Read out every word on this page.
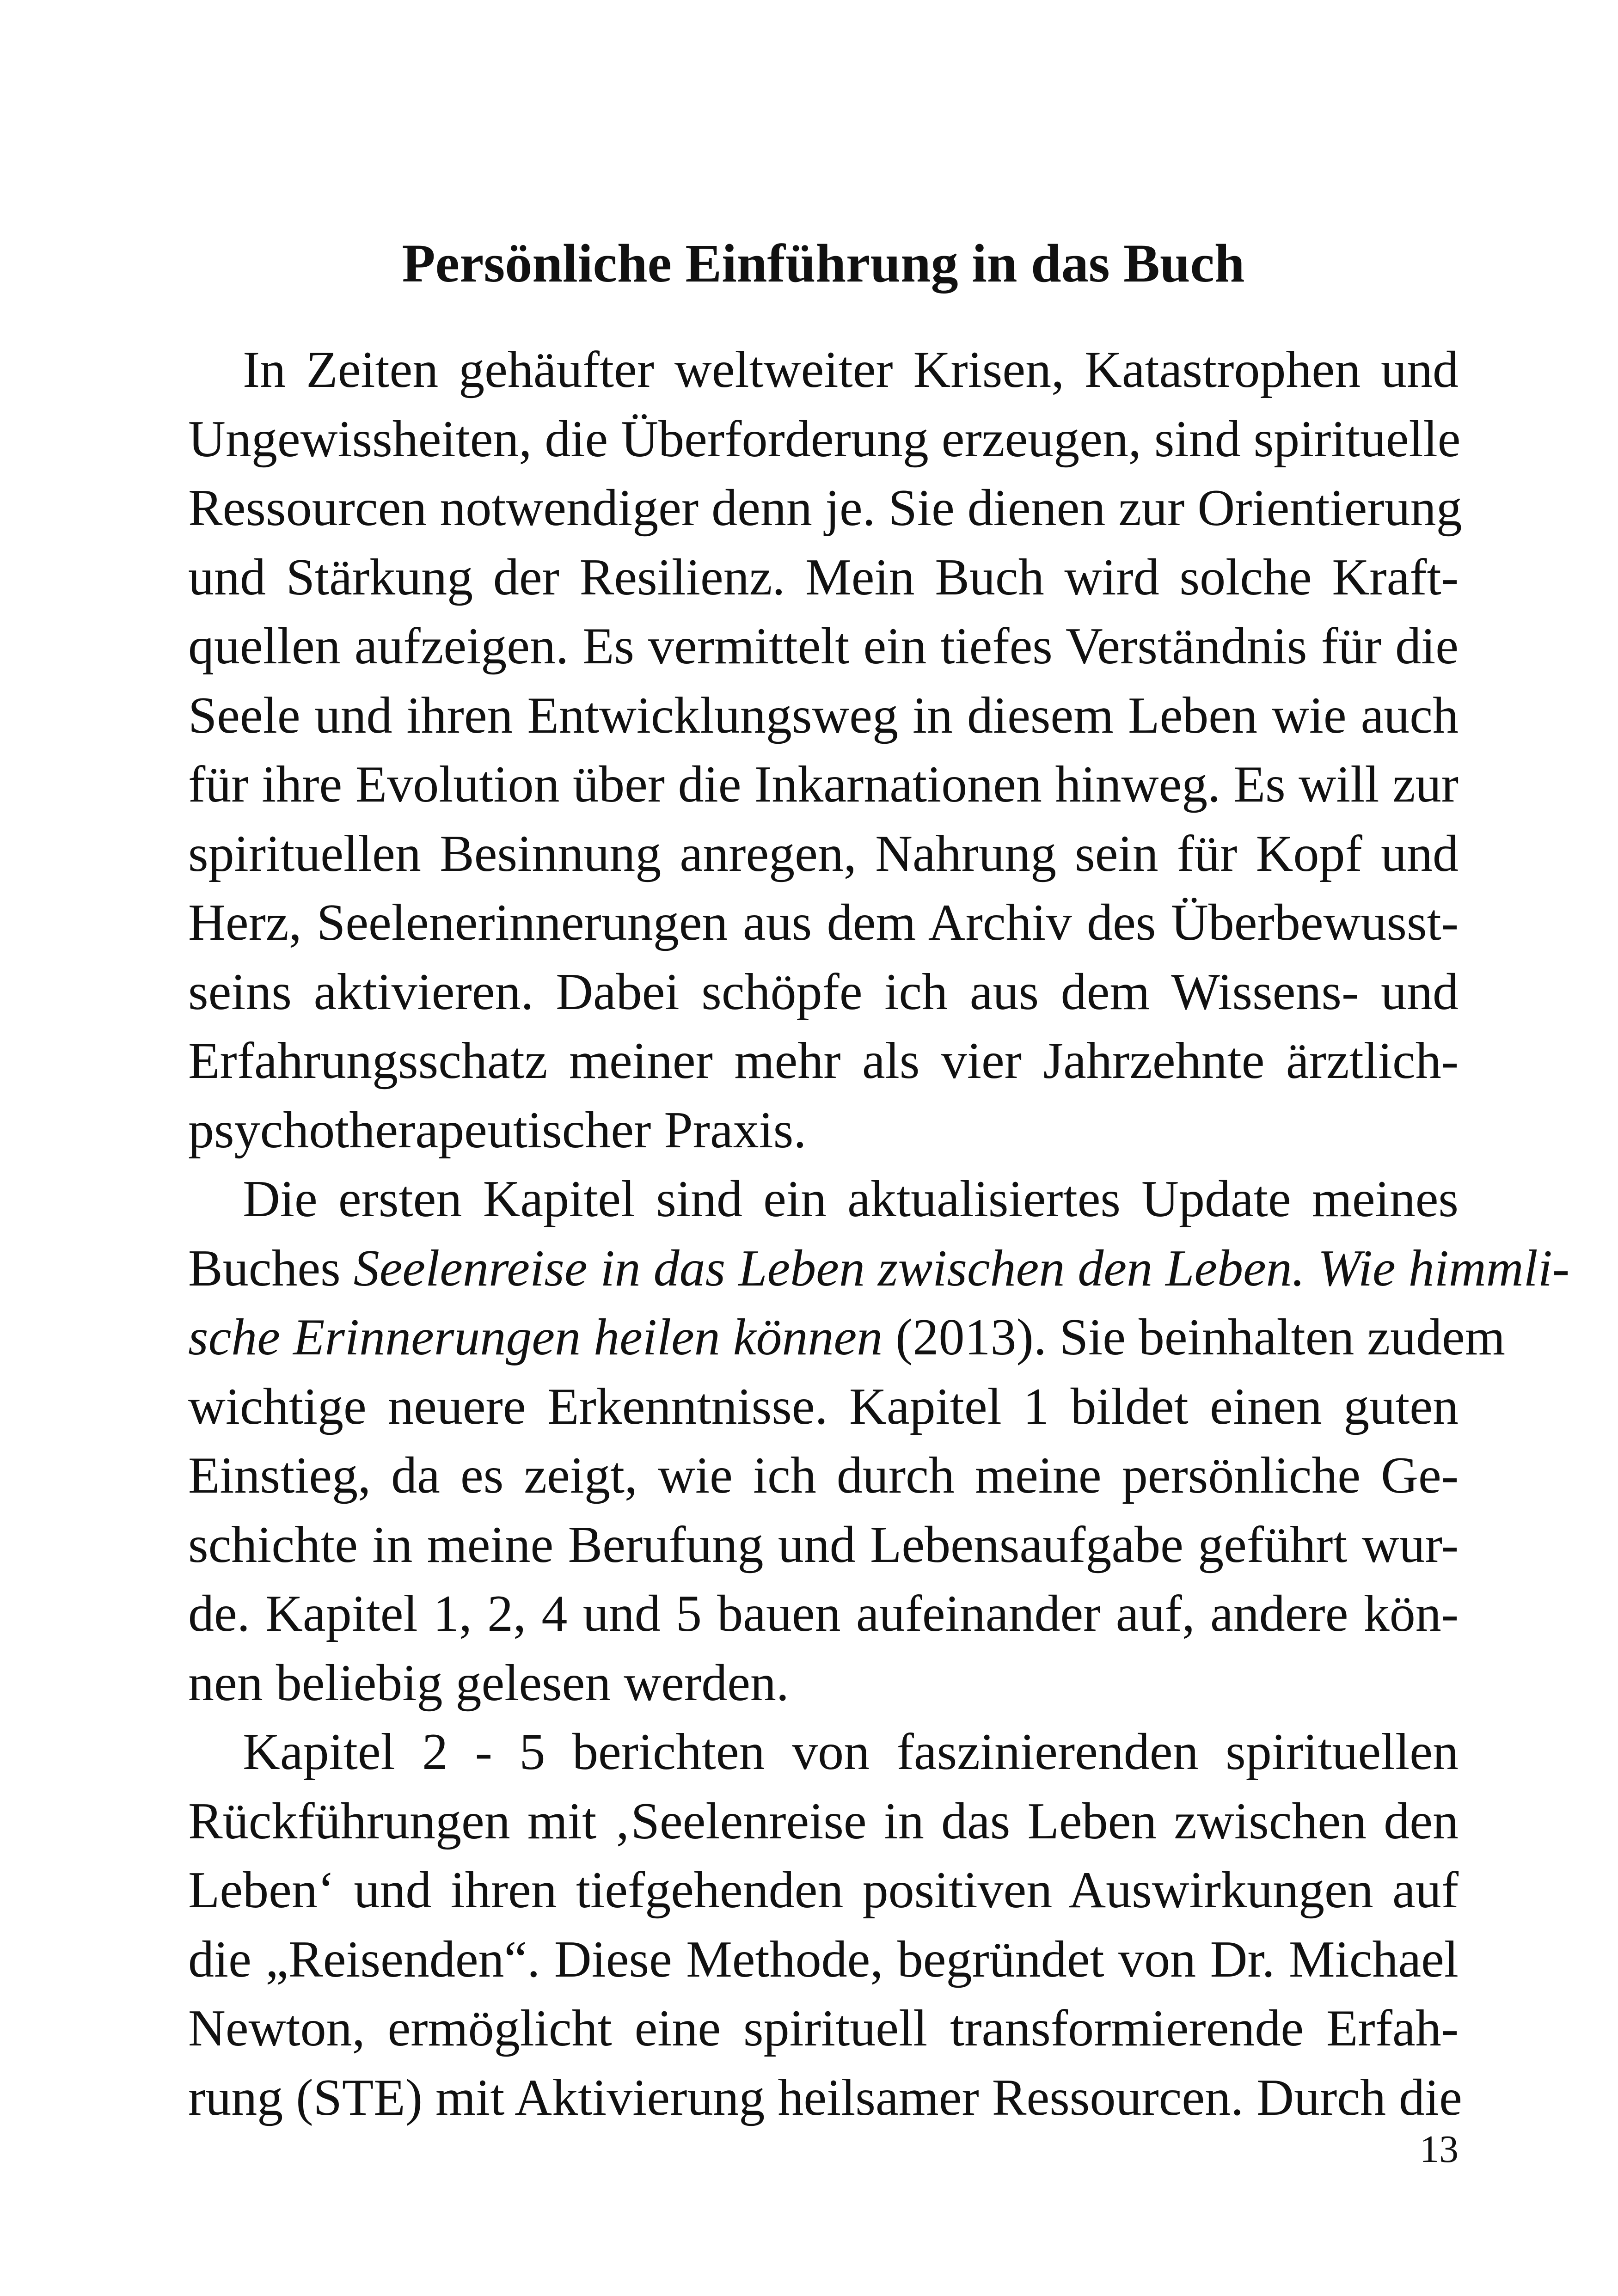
Persönliche Einführung in das Buch
In Zeiten gehäufter weltweiter Krisen, Katastrophen und
Ungewissheiten, die Überforderung erzeugen, sind spirituelle
Ressourcen notwendiger denn je. Sie dienen zur Orientierung
und Stärkung der Resilienz. Mein Buch wird solche Kraft-
quellen aufzeigen. Es vermittelt ein tiefes Verständnis für die
Seele und ihren Entwicklungsweg in diesem Leben wie auch
für ihre Evolution über die Inkarnationen hinweg. Es will zur
spirituellen Besinnung anregen, Nahrung sein für Kopf und
Herz, Seelenerinnerungen aus dem Archiv des Überbewusst-
seins aktivieren. Dabei schöpfe ich aus dem Wissens- und
Erfahrungsschatz meiner mehr als vier Jahrzehnte ärztlich-
psychotherapeutischer Praxis.
Die ersten Kapitel sind ein aktualisiertes Update meines
Buches Seelenreise in das Leben zwischen den Leben. Wie himmli-
sche Erinnerungen heilen können (2013). Sie beinhalten zudem
wichtige neuere Erkenntnisse. Kapitel 1 bildet einen guten
Einstieg, da es zeigt, wie ich durch meine persönliche Ge-
schichte in meine Berufung und Lebensaufgabe geführt wur-
de. Kapitel 1, 2, 4 und 5 bauen aufeinander auf, andere kön-
nen beliebig gelesen werden.
Kapitel 2 - 5 berichten von faszinierenden spirituellen
Rückführungen mit ‚Seelenreise in das Leben zwischen den
Leben‘ und ihren tiefgehenden positiven Auswirkungen auf
die „Reisenden“. Diese Methode, begründet von Dr. Michael
Newton, ermöglicht eine spirituell transformierende Erfah-
rung (STE) mit Aktivierung heilsamer Ressourcen. Durch die
13
